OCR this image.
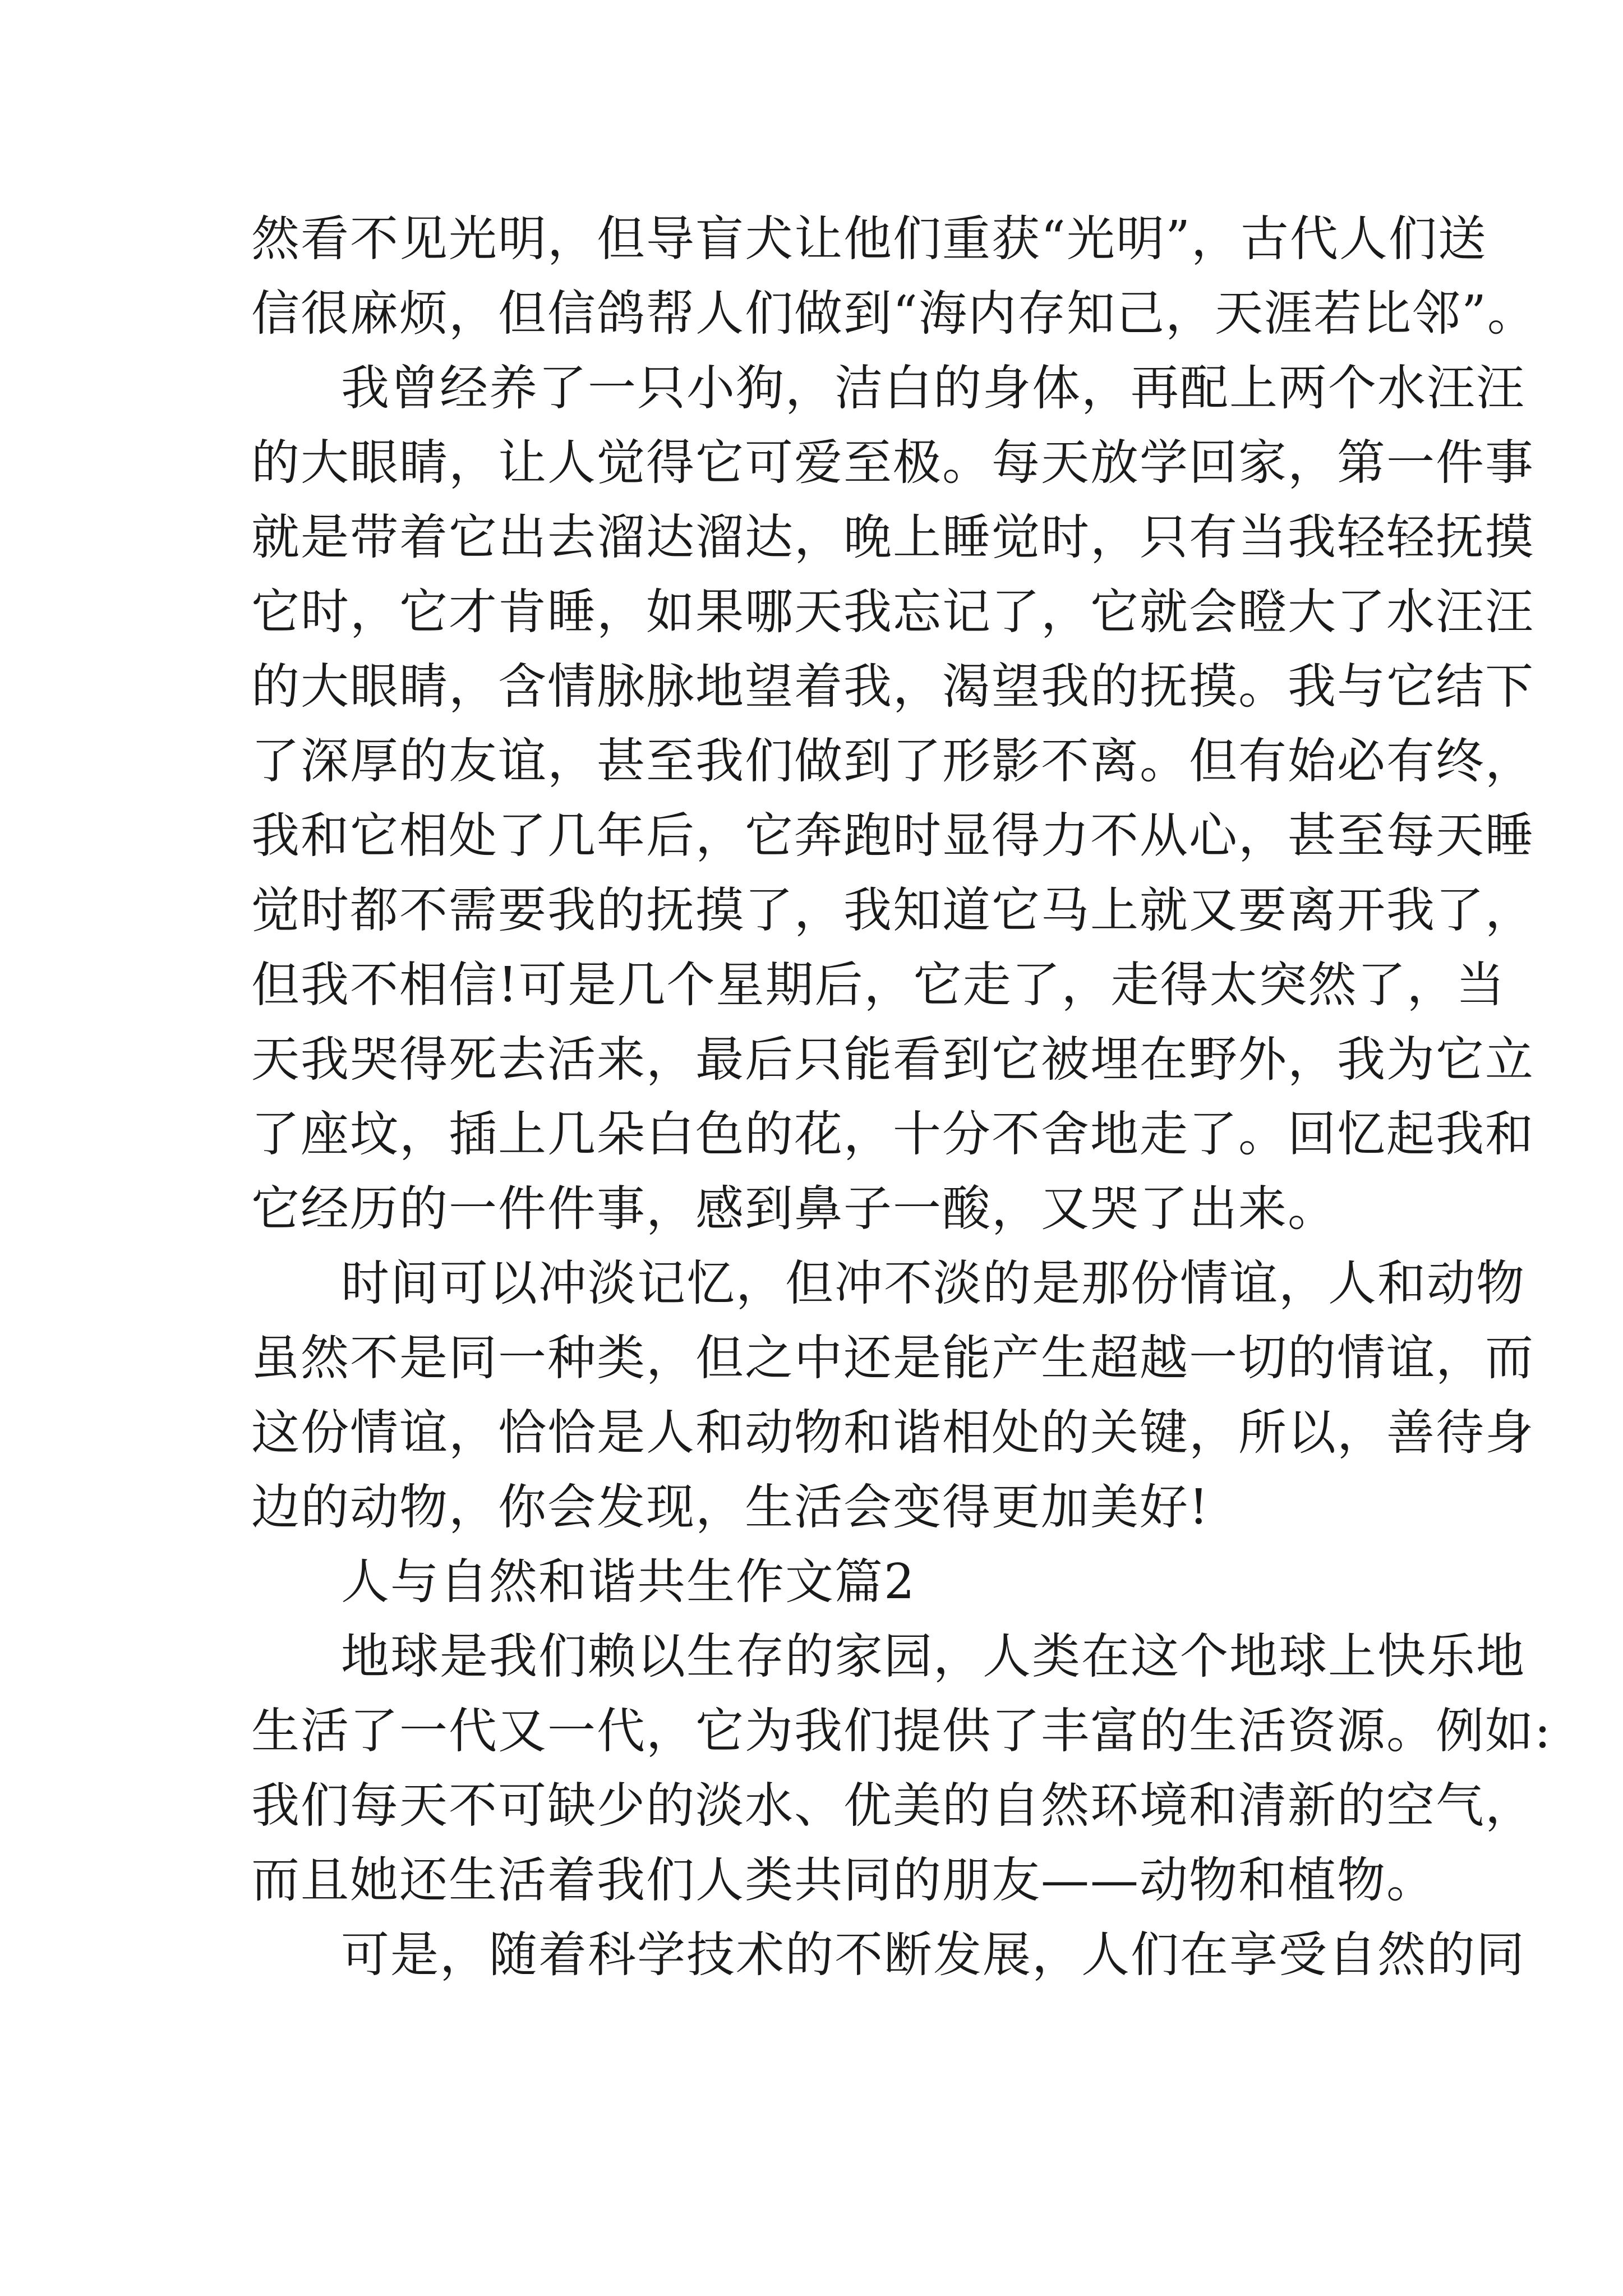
然看不见光明，但导盲犬让他们重获“光明”，古代人们送
信很麻烦，但信鸽帮人们做到“海内存知己，天涯若比邻”。
我曾经养了一只小狗，洁白的身体，再配上两个水汪汪
的大眼睛，让人觉得它可爱至极。每天放学回家，第一件事
就是带着它出去溜达溜达，晚上睡觉时，只有当我轻轻抚摸
它时，它才肯睡，如果哪天我忘记了，它就会瞪大了水汪汪
的大眼睛，含情脉脉地望着我，渴望我的抚摸。我与它结下
了深厚的友谊，甚至我们做到了形影不离。但有始必有终，
我和它相处了几年后，它奔跑时显得力不从心，甚至每天睡
觉时都不需要我的抚摸了，我知道它马上就又要离开我了，
但我不相信!可是几个星期后，它走了，走得太突然了，当
天我哭得死去活来，最后只能看到它被埋在野外，我为它立
了座坟，插上几朵白色的花，十分不舍地走了。回忆起我和
它经历的一件件事，感到鼻子一酸，又哭了出来。
时间可以冲淡记忆，但冲不淡的是那份情谊，人和动物
虽然不是同一种类，但之中还是能产生超越一切的情谊，而
这份情谊，恰恰是人和动物和谐相处的关键，所以，善待身
边的动物，你会发现，生活会变得更加美好!
人与自然和谐共生作文篇2
地球是我们赖以生存的家园，人类在这个地球上快乐地
生活了一代又一代，它为我们提供了丰富的生活资源。例如:
我们每天不可缺少的淡水、优美的自然环境和清新的空气，
而且她还生活着我们人类共同的朋友——动物和植物。
可是，随着科学技术的不断发展，人们在享受自然的同
